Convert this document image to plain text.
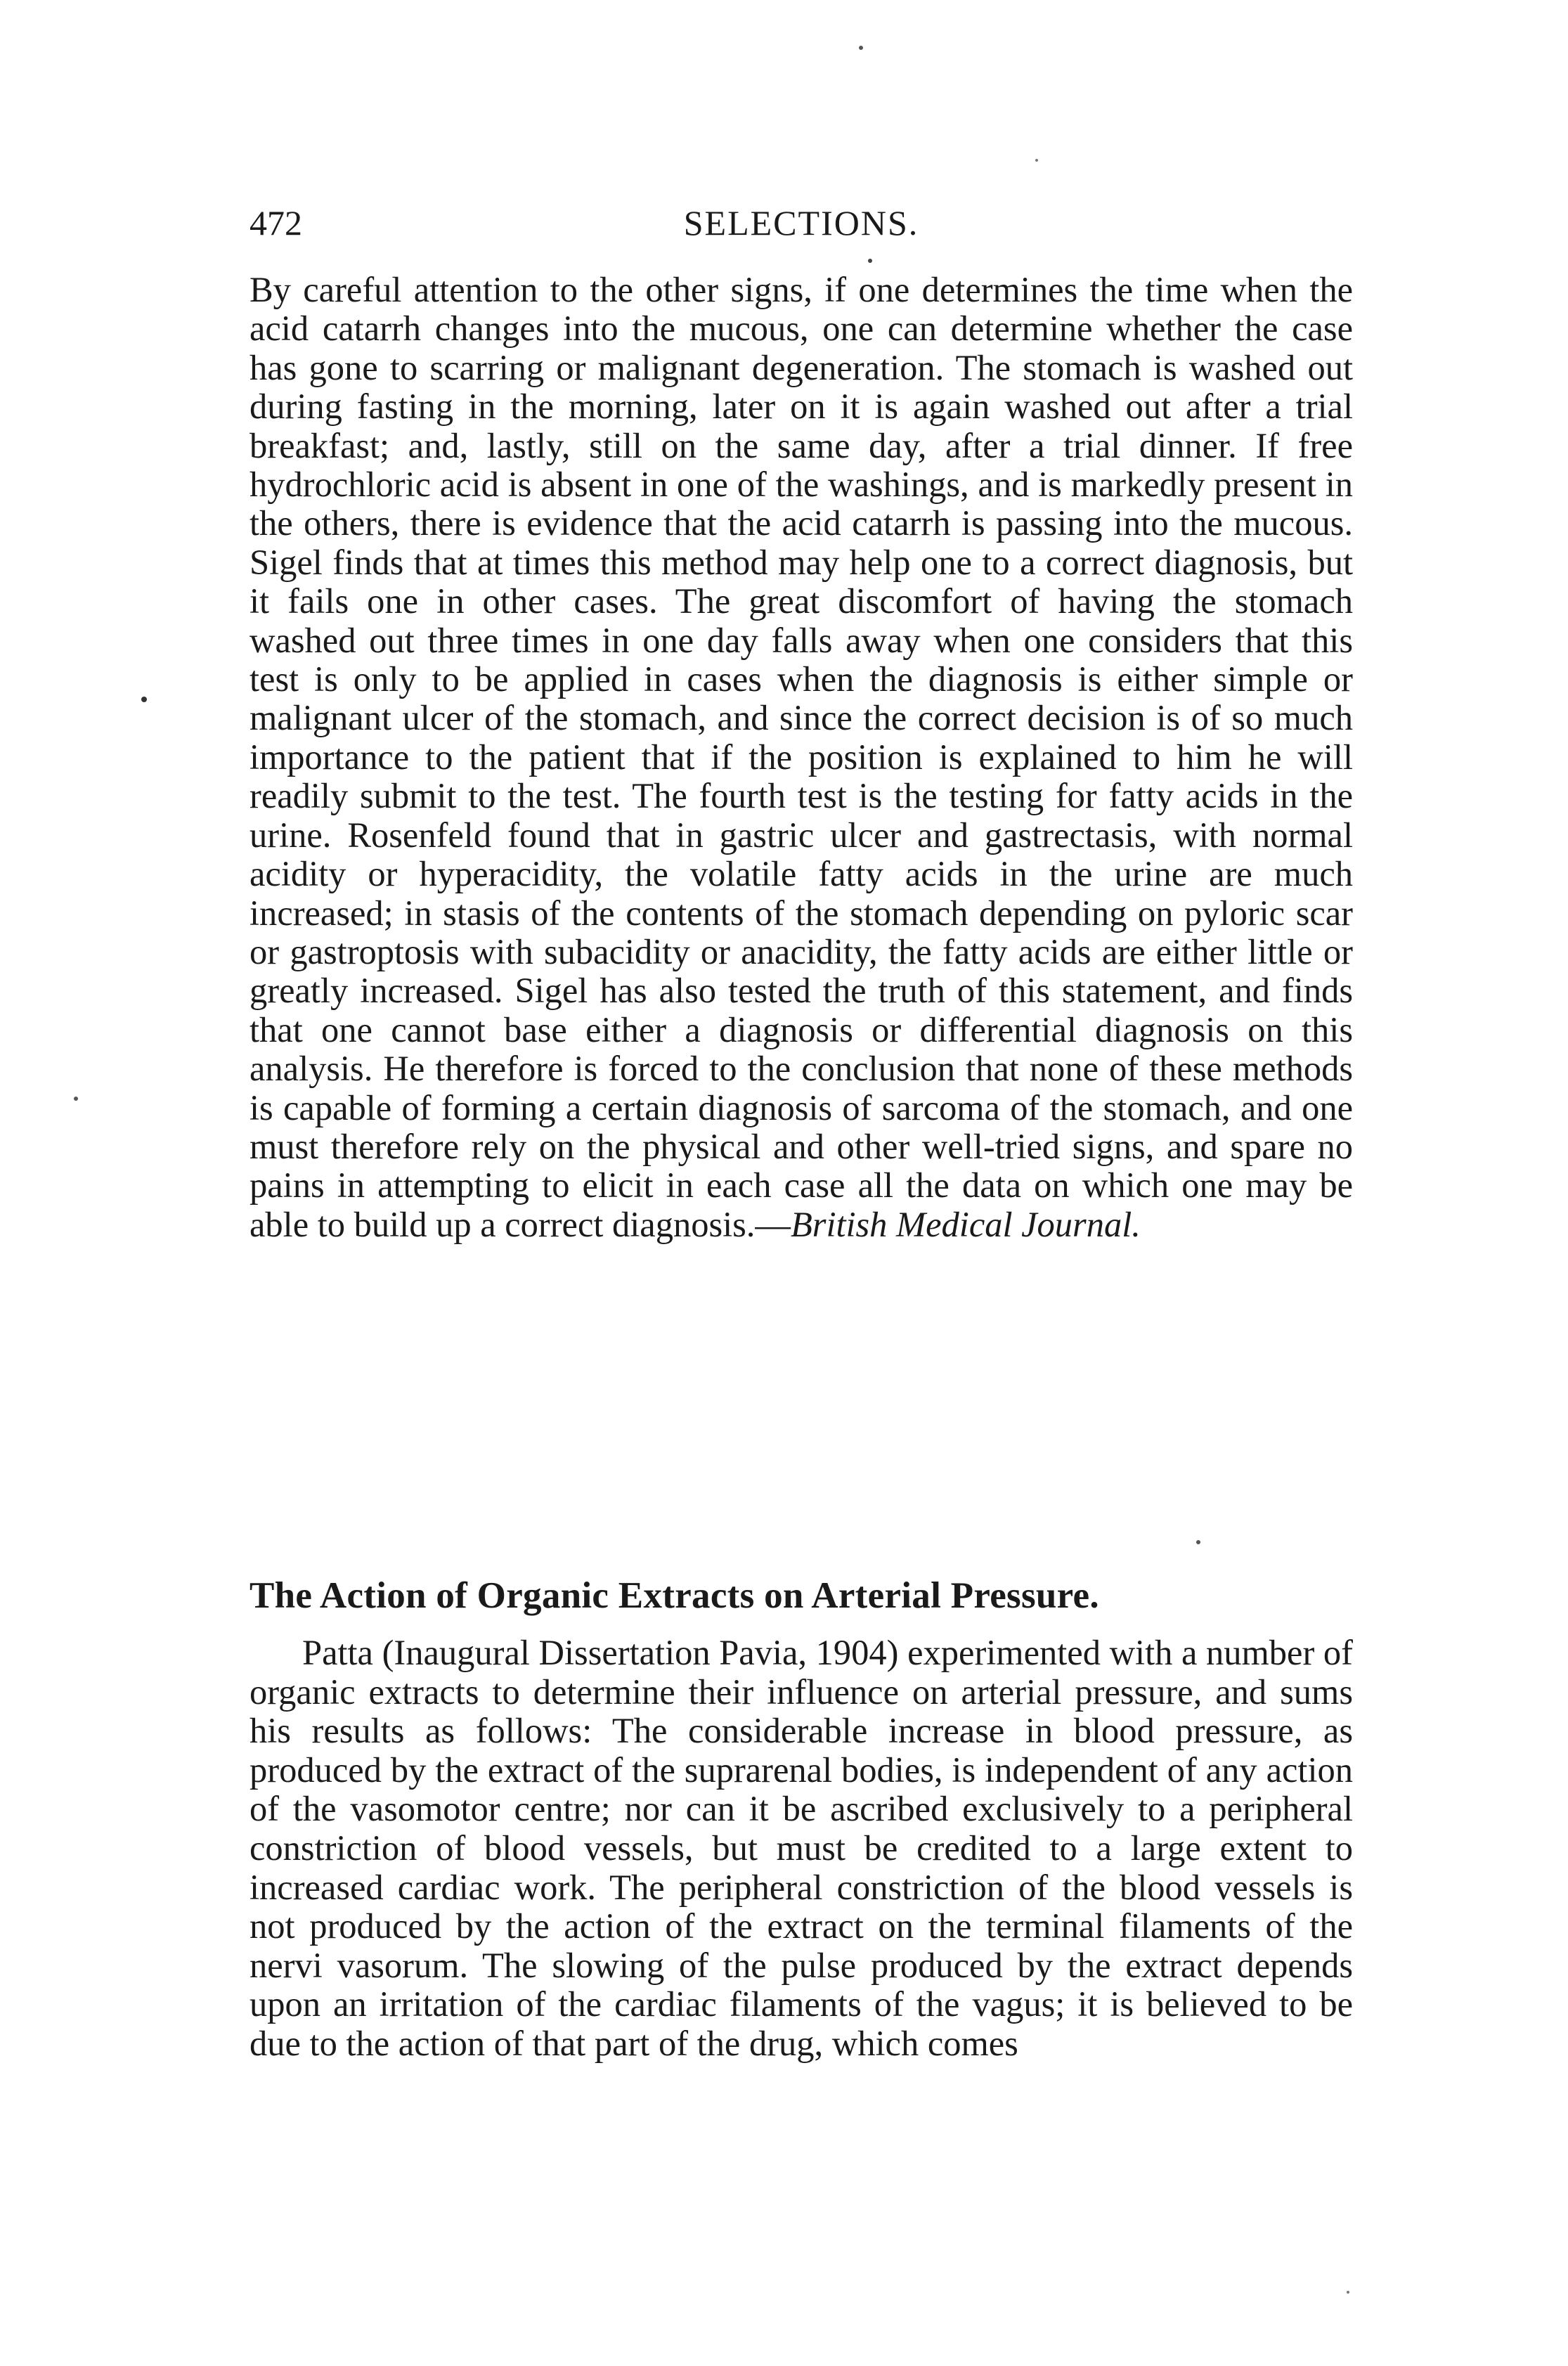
472	SELECTIONS.

By careful attention to the other signs, if one determines the time when the acid catarrh changes into the mucous, one can determine whether the case has gone to scarring or malignant degeneration. The stomach is washed out during fasting in the morning, later on it is again washed out after a trial breakfast; and, lastly, still on the same day, after a trial dinner. If free hydrochloric acid is absent in one of the washings, and is markedly present in the others, there is evidence that the acid catarrh is passing into the mucous. Sigel finds that at times this method may help one to a correct diagnosis, but it fails one in other cases. The great discomfort of having the stomach washed out three times in one day falls away when one considers that this test is only to be applied in cases when the diagnosis is either simple or malignant ulcer of the stomach, and since the correct decision is of so much importance to the patient that if the position is explained to him he will readily submit to the test. The fourth test is the testing for fatty acids in the urine. Rosenfeld found that in gastric ulcer and gastrectasis, with normal acidity or hyperacidity, the volatile fatty acids in the urine are much increased; in stasis of the contents of the stomach depending on pyloric scar or gastroptosis with subacidity or anacidity, the fatty acids are either little or greatly increased. Sigel has also tested the truth of this statement, and finds that one cannot base either a diagnosis or differential diagnosis on this analysis. He therefore is forced to the conclusion that none of these methods is capable of forming a certain diagnosis of sarcoma of the stomach, and one must therefore rely on the physical and other well-tried signs, and spare no pains in attempting to elicit in each case all the data on which one may be able to build up a correct diagnosis.—British Medical Journal.

The Action of Organic Extracts on Arterial Pressure.

Patta (Inaugural Dissertation Pavia, 1904) experimented with a number of organic extracts to determine their influence on arterial pressure, and sums his results as follows: The considerable increase in blood pressure, as produced by the extract of the suprarenal bodies, is independent of any action of the vasomotor centre; nor can it be ascribed exclusively to a peripheral constriction of blood vessels, but must be credited to a large extent to increased cardiac work. The peripheral constriction of the blood vessels is not produced by the action of the extract on the terminal filaments of the nervi vasorum. The slowing of the pulse produced by the extract depends upon an irritation of the cardiac filaments of the vagus; it is believed to be due to the action of that part of the drug, which comes
